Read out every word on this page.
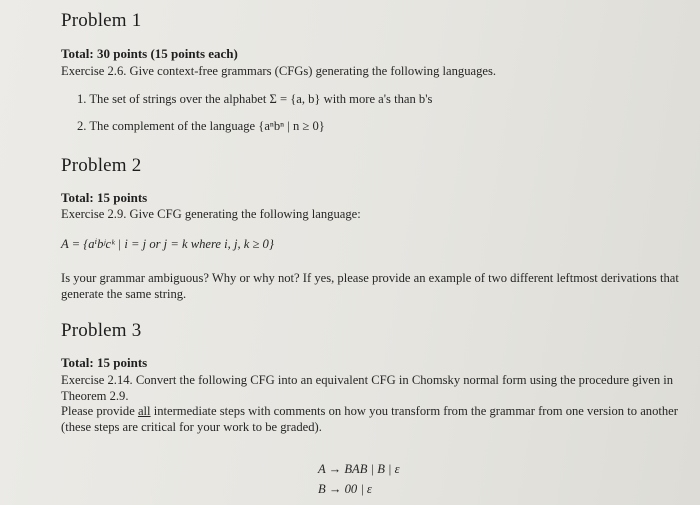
Problem 1
Total: 30 points (15 points each)
Exercise 2.6. Give context-free grammars (CFGs) generating the following languages.
1. The set of strings over the alphabet Σ = {a, b} with more a's than b's
2. The complement of the language {aⁿbⁿ | n ≥ 0}
Problem 2
Total: 15 points
Exercise 2.9. Give CFG generating the following language:
A = {aⁱbʲcᵏ | i = j or j = k where i, j, k ≥ 0}
Is your grammar ambiguous? Why or why not? If yes, please provide an example of two different leftmost derivations that generate the same string.
Problem 3
Total: 15 points
Exercise 2.14. Convert the following CFG into an equivalent CFG in Chomsky normal form using the procedure given in Theorem 2.9.
Please provide all intermediate steps with comments on how you transform from the grammar from one version to another (these steps are critical for your work to be graded).
A → BAB | B | ε
B → 00 | ε
